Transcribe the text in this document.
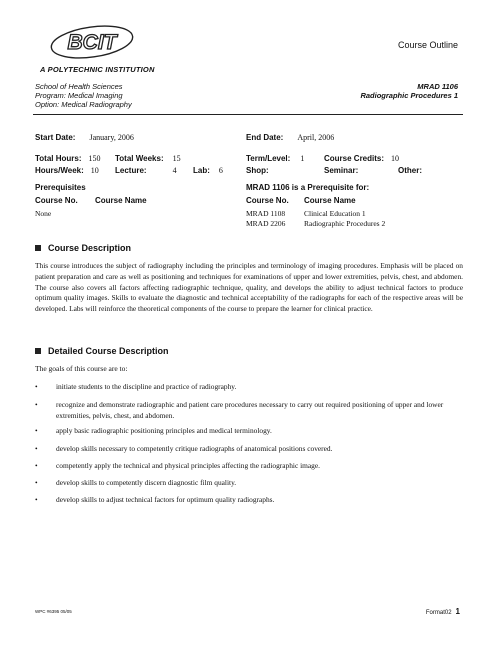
BCIT
A POLYTECHNIC INSTITUTION
Course Outline
School of Health Sciences
Program: Medical Imaging
Option: Medical Radiography
MRAD 1106
Radiographic Procedures 1
Start Date: January, 2006	End Date: April, 2006
Total Hours: 150 Total Weeks: 15	Term/Level: 1 Course Credits: 10
Hours/Week: 10 Lecture:	4 Lab: 6	Shop:	Seminar:	Other:
Prerequisites
Course No. Course Name
None
MRAD 1106 is a Prerequisite for:
Course No. Course Name
MRAD 1108	Clinical Education 1
MRAD 2206 Radiographic Procedures 2
Course Description
This course introduces the subject of radiography including the principles and terminology of imaging procedures. Emphasis will be placed on patient preparation and care as well as positioning and techniques for examinations of upper and lower extremities, pelvis, chest, and abdomen. The course also covers all factors affecting radiographic technique, quality, and develops the ability to adjust technical factors to produce optimum quality images. Skills to evaluate the diagnostic and technical acceptability of the radiographs for each of the respective areas will be developed. Labs will reinforce the theoretical components of the course to prepare the learner for clinical practice.
Detailed Course Description
The goals of this course are to:
• initiate students to the discipline and practice of radiography.
• recognize and demonstrate radiographic and patient care procedures necessary to carry out required positioning of upper and lower extremities, pelvis, chest, and abdomen.
• apply basic radiographic positioning principles and medical terminology.
• develop skills necessary to competently critique radiographs of anatomical positions covered.
• competently apply the technical and physical principles affecting the radiographic image.
• develop skills to competently discern diagnostic film quality.
• develop skills to adjust technical factors for optimum quality radiographs.
WPC #6395 05/05	Format02 1
